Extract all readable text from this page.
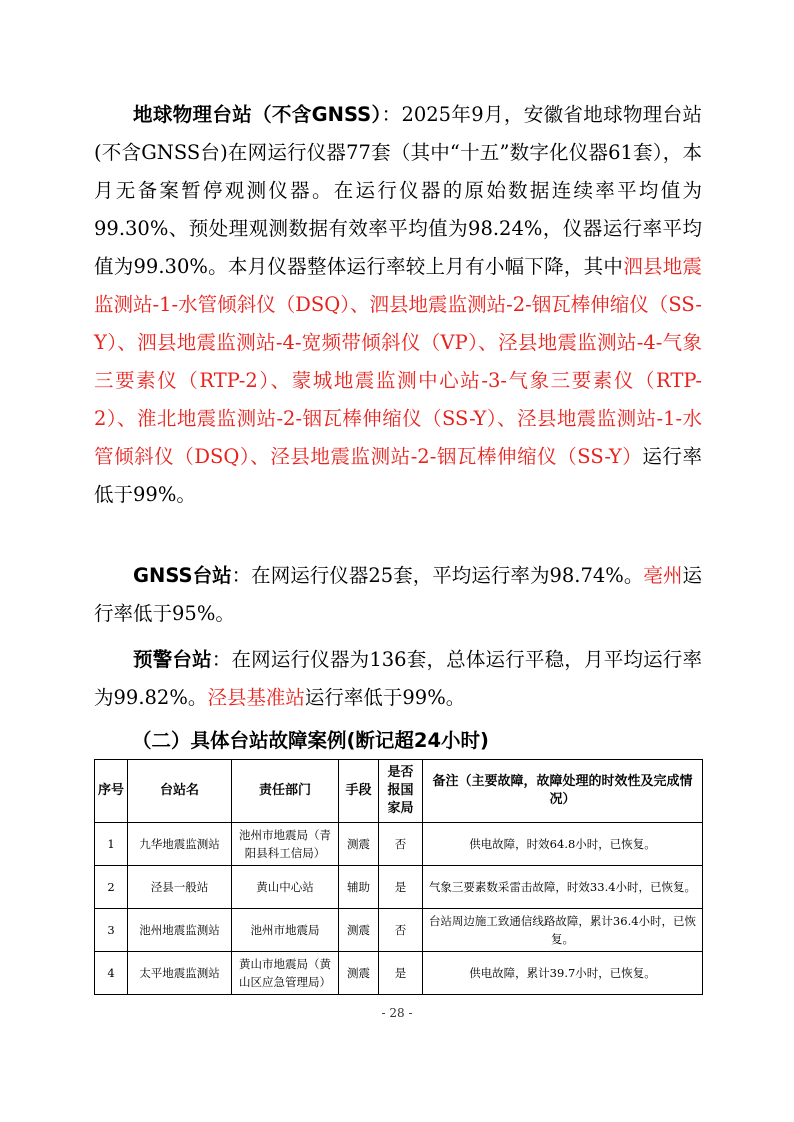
地球物理台站（不含GNSS）：2025年9月，安徽省地球物理台站(不含GNSS台)在网运行仪器77套（其中“十五”数字化仪器61套），本月无备案暂停观测仪器。在运行仪器的原始数据连续率平均值为99.30%、预处理观测数据有效率平均值为98.24%，仪器运行率平均值为99.30%。本月仪器整体运行率较上月有小幅下降，其中泗县地震监测站-1-水管倾斜仪（DSQ）、泗县地震监测站-2-铟瓦棒伸缩仪（SS-Y）、泗县地震监测站-4-宽频带倾斜仪（VP）、泾县地震监测站-4-气象三要素仪（RTP-2）、蒙城地震监测中心站-3-气象三要素仪（RTP-2）、淮北地震监测站-2-铟瓦棒伸缩仪（SS-Y）、泾县地震监测站-1-水管倾斜仪（DSQ）、泾县地震监测站-2-铟瓦棒伸缩仪（SS-Y）运行率低于99%。

GNSS台站：在网运行仪器25套，平均运行率为98.74%。亳州运行率低于95%。

预警台站：在网运行仪器为136套，总体运行平稳，月平均运行率为99.82%。泾县基准站运行率低于99%。

（二）具体台站故障案例(断记超24小时)
序号	台站名	责任部门	手段	是否报国家局	备注（主要故障，故障处理的时效性及完成情况）
1	九华地震监测站	池州市地震局（青阳县科工信局）	测震	否	供电故障，时效64.8小时，已恢复。
2	泾县一般站	黄山中心站	辅助	是	气象三要素数采雷击故障，时效33.4小时，已恢复。
3	池州地震监测站	池州市地震局	测震	否	台站周边施工致通信线路故障，累计36.4小时，已恢复。
4	太平地震监测站	黄山市地震局（黄山区应急管理局）	测震	是	供电故障，累计39.7小时，已恢复。

- 28 -
